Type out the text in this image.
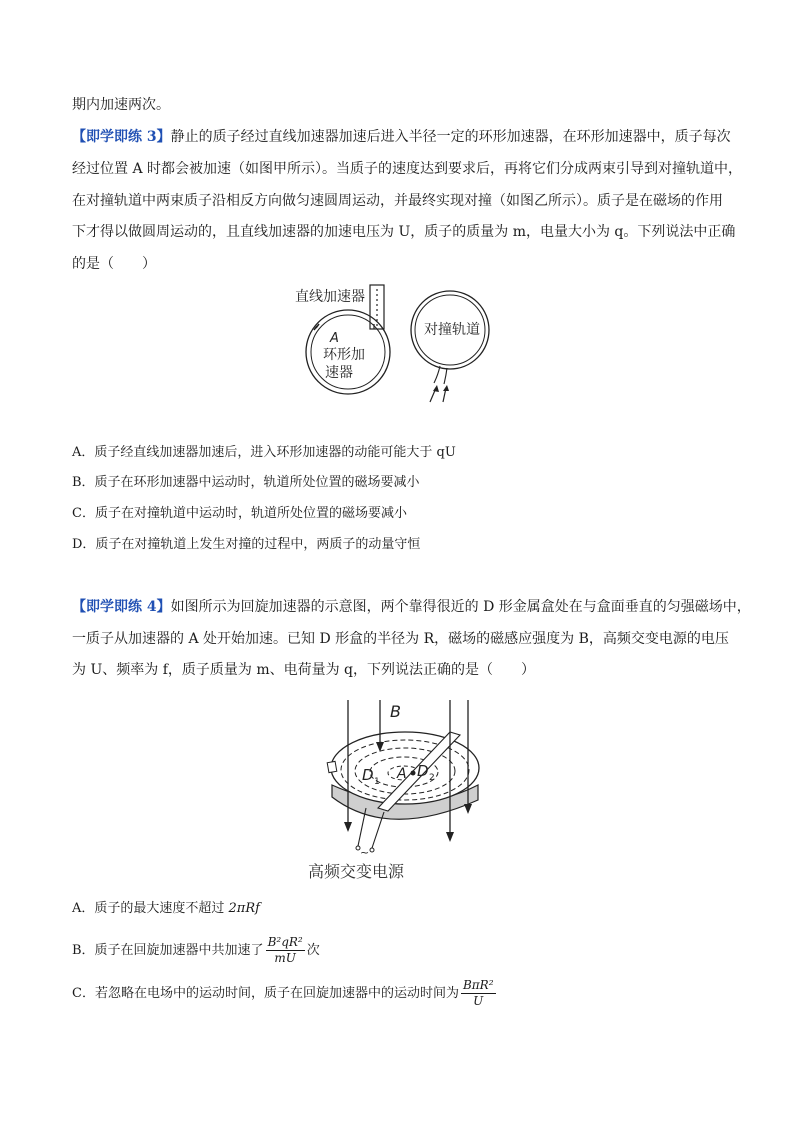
期内加速两次。
【即学即练 3】静止的质子经过直线加速器加速后进入半径一定的环形加速器，在环形加速器中，质子每次
经过位置 A 时都会被加速（如图甲所示）。当质子的速度达到要求后，再将它们分成两束引导到对撞轨道中，
在对撞轨道中两束质子沿相反方向做匀速圆周运动，并最终实现对撞（如图乙所示）。质子是在磁场的作用
下才得以做圆周运动的，且直线加速器的加速电压为 U，质子的质量为 m，电量大小为 q。下列说法中正确
的是（　　）
直线加速器
A
环形加
速器
对撞轨道
A．质子经直线加速器加速后，进入环形加速器的动能可能大于 qU
B．质子在环形加速器中运动时，轨道所处位置的磁场要减小
C．质子在对撞轨道中运动时，轨道所处位置的磁场要减小
D．质子在对撞轨道上发生对撞的过程中，两质子的动量守恒
【即学即练 4】如图所示为回旋加速器的示意图，两个靠得很近的 D 形金属盒处在与盒面垂直的匀强磁场中，
一质子从加速器的 A 处开始加速。已知 D 形盒的半径为 R，磁场的磁感应强度为 B，高频交变电源的电压
为 U、频率为 f，质子质量为 m、电荷量为 q，下列说法正确的是（　　）
B
D 1 A D 2
~
高频交变电源
A．质子的最大速度不超过 2πRf
B．质子在回旋加速器中共加速了 $\frac{\text{B²qR²}}{mU}$ 次
C．若忽略在电场中的运动时间，质子在回旋加速器中的运动时间为 $\frac{\text{BπR²}}{U}$
